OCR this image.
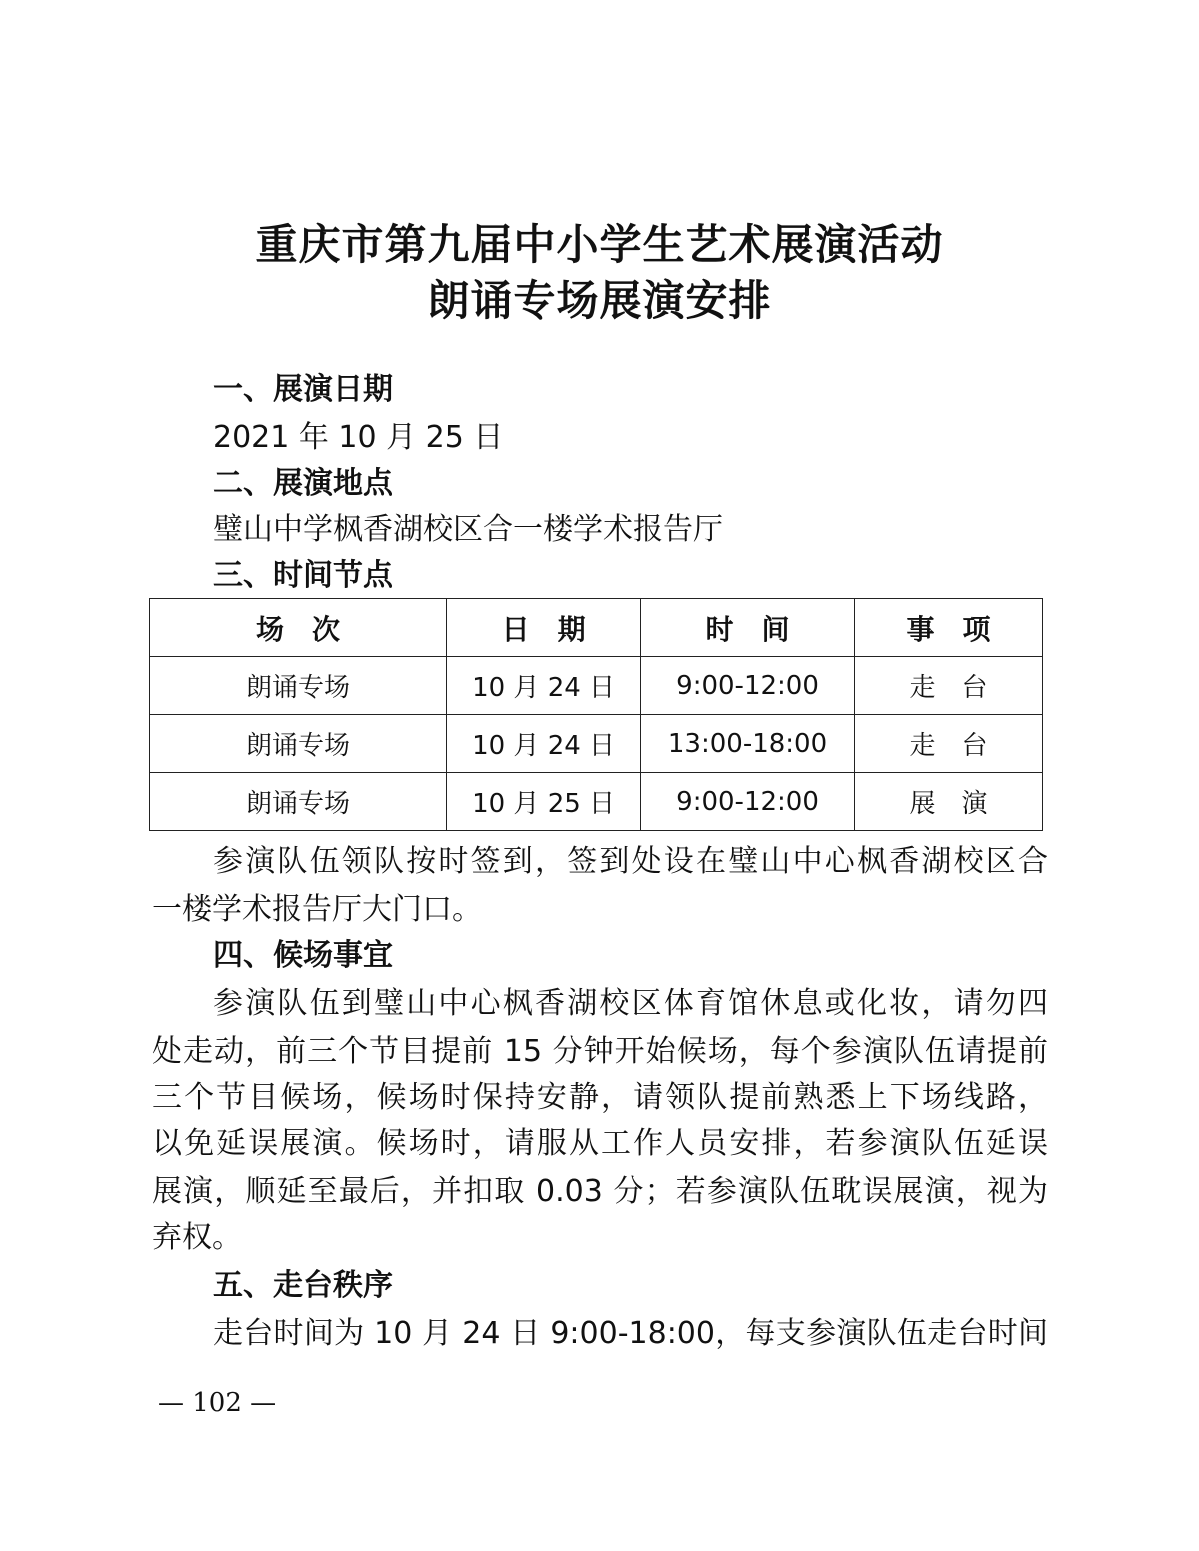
重庆市第九届中小学生艺术展演活动
朗诵专场展演安排
一、展演日期
2021 年 10 月 25 日
二、展演地点
璧山中学枫香湖校区合一楼学术报告厅
三、时间节点
场　次	日　期	时　间	事　项
朗诵专场	10 月 24 日	9:00-12:00	走　台
朗诵专场	10 月 24 日	13:00-18:00	走　台
朗诵专场	10 月 25 日	9:00-12:00	展　演
参演队伍领队按时签到，签到处设在璧山中心枫香湖校区合
一楼学术报告厅大门口。
四、候场事宜
参演队伍到璧山中心枫香湖校区体育馆休息或化妆，请勿四
处走动，前三个节目提前 15 分钟开始候场，每个参演队伍请提前
三个节目候场，候场时保持安静，请领队提前熟悉上下场线路，
以免延误展演。候场时，请服从工作人员安排，若参演队伍延误
展演，顺延至最后，并扣取 0.03 分；若参演队伍耽误展演，视为
弃权。
五、走台秩序
走台时间为 10 月 24 日 9:00-18:00，每支参演队伍走台时间
— 102 —
